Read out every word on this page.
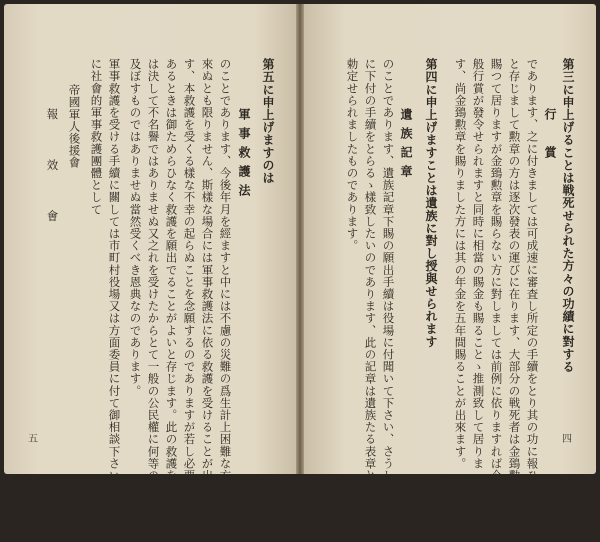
第三に申上げることは戦死せられた方々の功績に對する
行　賞
であります、之に付きましては可成速に審査し所定の手續をとり其の功に報ひたい
と存じまして勲章の方は逐次發表の運びに在ります、大部分の戦死者は金鵄勲章を
賜つて居りますが金鵄勲章を賜らない方に對しましては前例に依りますれば今後一
般行賞が發令せられますと同時に相當の賜金も賜ることゝ推測致して居りま
す、尚金鵄勲章を賜りました方には其の年金を五年間賜ることが出來ます。
第四に申上げますことは遺族に對し授與せられます
遺族記章
のことであります、遺族記章下賜の願出手續は役場に付聞いて下さい、さうして速
に下付の手續をとらるゝ樣致したいのであります、此の記章は遺族たる表章として
勅定せられましたものであります。
四
第五に申上げますのは
軍事救護法
のことであります、今後年月を經ますと中には不慮の災難の爲生計上困難な方が出
來ぬとも限りません、斯樣な場合には軍事救護法に依る救護を受けることが出來ま
す、本救護を受くる樣な不幸の起らぬことを念願するのでありますが若し必要の
あるときは御ためらひなく救護を願出でることがよいと存じます。此の救護を受くること
は決して不名譽ではありませぬ又之れを受けたからとて一般の公民權に何等の關係を
及ぼすものではありませぬ當然受くべき恩典なのであります。
軍事救護を受ける手續に關しては市町村役場又は方面委員に付て御相談下さい。更
に社會的軍事救護團體として
帝國軍人後援會
報　效　會
五
